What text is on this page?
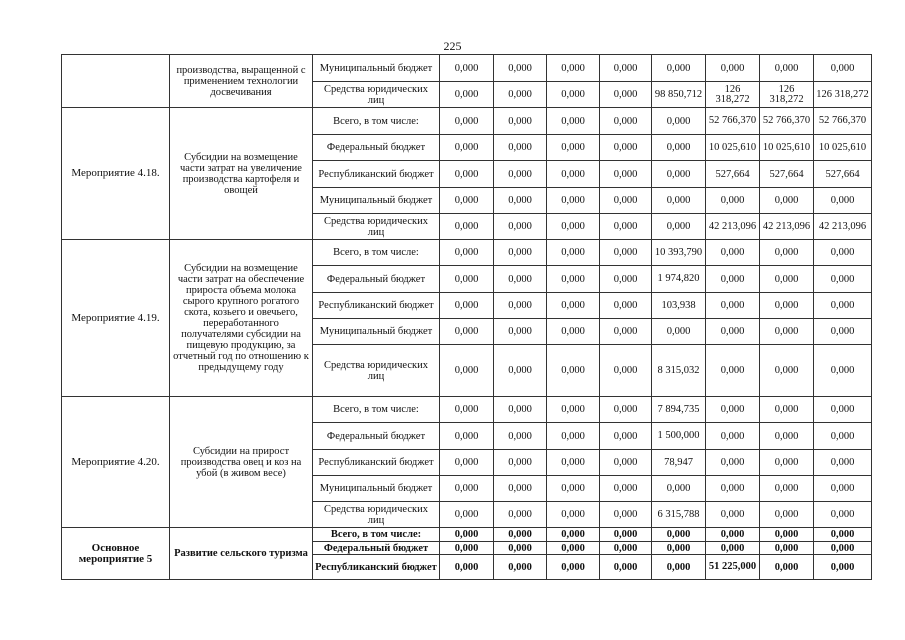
225
	производства, выращенной с применением технологии досвечивания	Муниципальный бюджет	0,000	0,000	0,000	0,000	0,000	0,000	0,000	0,000
		Средства юридических лиц	0,000	0,000	0,000	0,000	98 850,712	126 318,272	126 318,272	126 318,272
Мероприятие 4.18.	Субсидии на возмещение части затрат на увеличение производства картофеля и овощей	Всего, в том числе:	0,000	0,000	0,000	0,000	0,000	52 766,370	52 766,370	52 766,370
		Федеральный бюджет	0,000	0,000	0,000	0,000	0,000	10 025,610	10 025,610	10 025,610
		Республиканский бюджет	0,000	0,000	0,000	0,000	0,000	527,664	527,664	527,664
		Муниципальный бюджет	0,000	0,000	0,000	0,000	0,000	0,000	0,000	0,000
		Средства юридических лиц	0,000	0,000	0,000	0,000	0,000	42 213,096	42 213,096	42 213,096
Мероприятие 4.19.	Субсидии на возмещение части затрат на обеспечение прироста объема молока сырого крупного рогатого скота, козьего и овечьего, переработанного получателями субсидии на пищевую продукцию, за отчетный год по отношению к предыдущему году	Всего, в том числе:	0,000	0,000	0,000	0,000	10 393,790	0,000	0,000	0,000
		Федеральный бюджет	0,000	0,000	0,000	0,000	1 974,820	0,000	0,000	0,000
		Республиканский бюджет	0,000	0,000	0,000	0,000	103,938	0,000	0,000	0,000
		Муниципальный бюджет	0,000	0,000	0,000	0,000	0,000	0,000	0,000	0,000
		Средства юридических лиц	0,000	0,000	0,000	0,000	8 315,032	0,000	0,000	0,000
Мероприятие 4.20.	Субсидии на прирост производства овец и коз на убой (в живом весе)	Всего, в том числе:	0,000	0,000	0,000	0,000	7 894,735	0,000	0,000	0,000
		Федеральный бюджет	0,000	0,000	0,000	0,000	1 500,000	0,000	0,000	0,000
		Республиканский бюджет	0,000	0,000	0,000	0,000	78,947	0,000	0,000	0,000
		Муниципальный бюджет	0,000	0,000	0,000	0,000	0,000	0,000	0,000	0,000
		Средства юридических лиц	0,000	0,000	0,000	0,000	6 315,788	0,000	0,000	0,000
Основное мероприятие 5	Развитие сельского туризма	Всего, в том числе:	0,000	0,000	0,000	0,000	0,000	0,000	0,000	0,000
		Федеральный бюджет	0,000	0,000	0,000	0,000	0,000	0,000	0,000	0,000
		Республиканский бюджет	0,000	0,000	0,000	0,000	0,000	51 225,000	0,000	0,000
